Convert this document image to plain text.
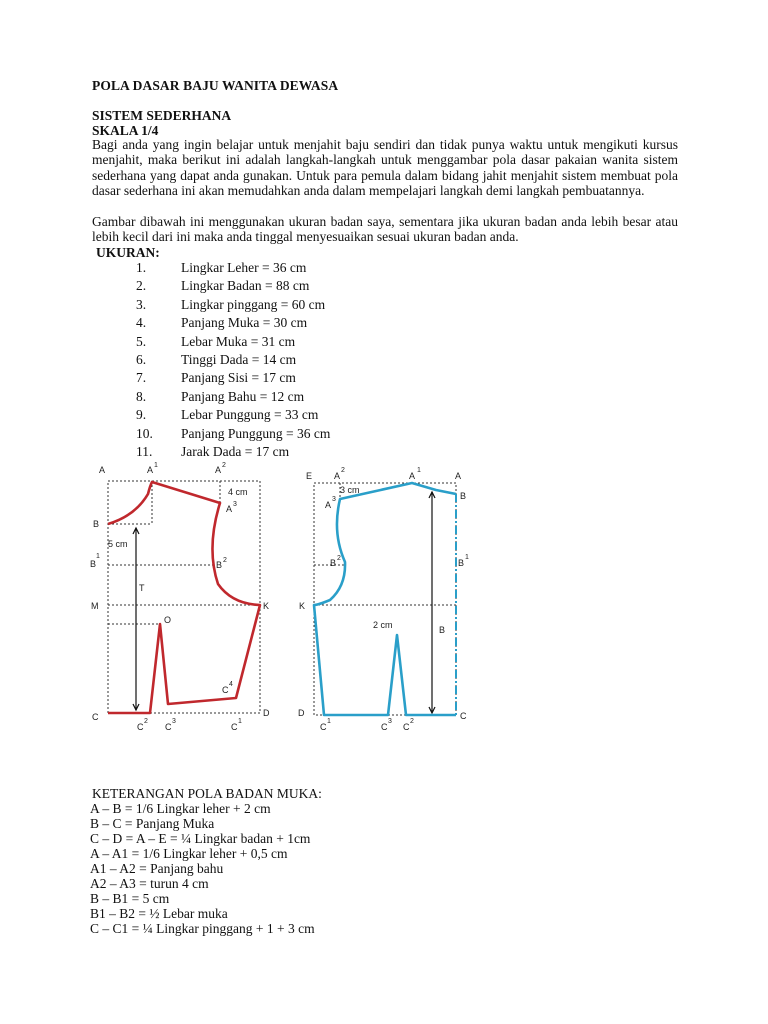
POLA DASAR BAJU WANITA DEWASA
SISTEM SEDERHANA
SKALA 1/4

Bagi anda yang ingin belajar untuk menjahit baju sendiri dan tidak punya waktu untuk mengikuti kursus menjahit, maka berikut ini adalah langkah-langkah untuk menggambar pola dasar pakaian wanita sistem sederhana yang dapat anda gunakan. Untuk para pemula dalam bidang jahit menjahit sistem membuat pola dasar sederhana ini akan memudahkan anda dalam mempelajari langkah demi langkah pembuatannya.

Gambar dibawah ini menggunakan ukuran badan saya, sementara jika ukuran badan anda lebih besar atau lebih kecil dari ini maka anda tinggal menyesuaikan sesuai ukuran badan anda.

UKURAN:
1.	Lingkar Leher = 36 cm
2.	Lingkar Badan = 88 cm
3.	Lingkar pinggang = 60 cm
4.	Panjang Muka = 30 cm
5.	Lebar Muka = 31 cm
6.	Tinggi Dada = 14 cm
7.	Panjang Sisi = 17 cm
8.	Panjang Bahu = 12 cm
9.	Lebar Punggung = 33 cm
10.	Panjang Punggung = 36 cm
11.	Jarak Dada = 17 cm
A	A 1	A 2
4 cm
A 3
B
5 cm
B
1
B 2
T
M	K
O
C
4
C
C
2
C
3
C
1
D
E A
2
A
1
A
3 cm
A
3	B
B 2	B
1
K
2 cm	B
D
C
1
C
3
C
2
C
KETERANGAN POLA BADAN MUKA:
A – B = 1/6 Lingkar leher + 2 cm
B – C = Panjang Muka
C – D = A – E = ¼ Lingkar badan + 1cm
A – A1 = 1/6 Lingkar leher + 0,5 cm
A1 – A2 = Panjang bahu
A2 – A3 = turun 4 cm
B – B1 = 5 cm
B1 – B2 = ½ Lebar muka
C – C1 = ¼ Lingkar pinggang + 1 + 3 cm
